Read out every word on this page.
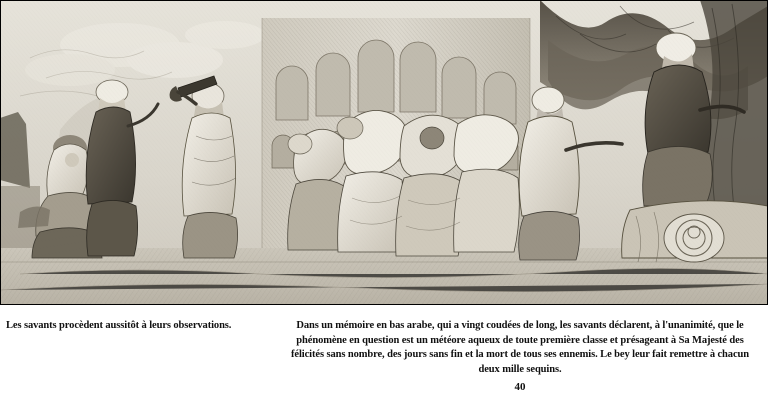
Les savants procèdent aussitôt à leurs observations.	Dans un mémoire en bas arabe, qui a vingt coudées de long, les savants déclarent, à l'unanimité, que le phénomène en question est un météore aqueux de toute première classe et présageant à Sa Majesté des félicités sans nombre, des jours sans fin et la mort de tous ses ennemis. Le bey leur fait remettre à chacun deux mille sequins.
40
